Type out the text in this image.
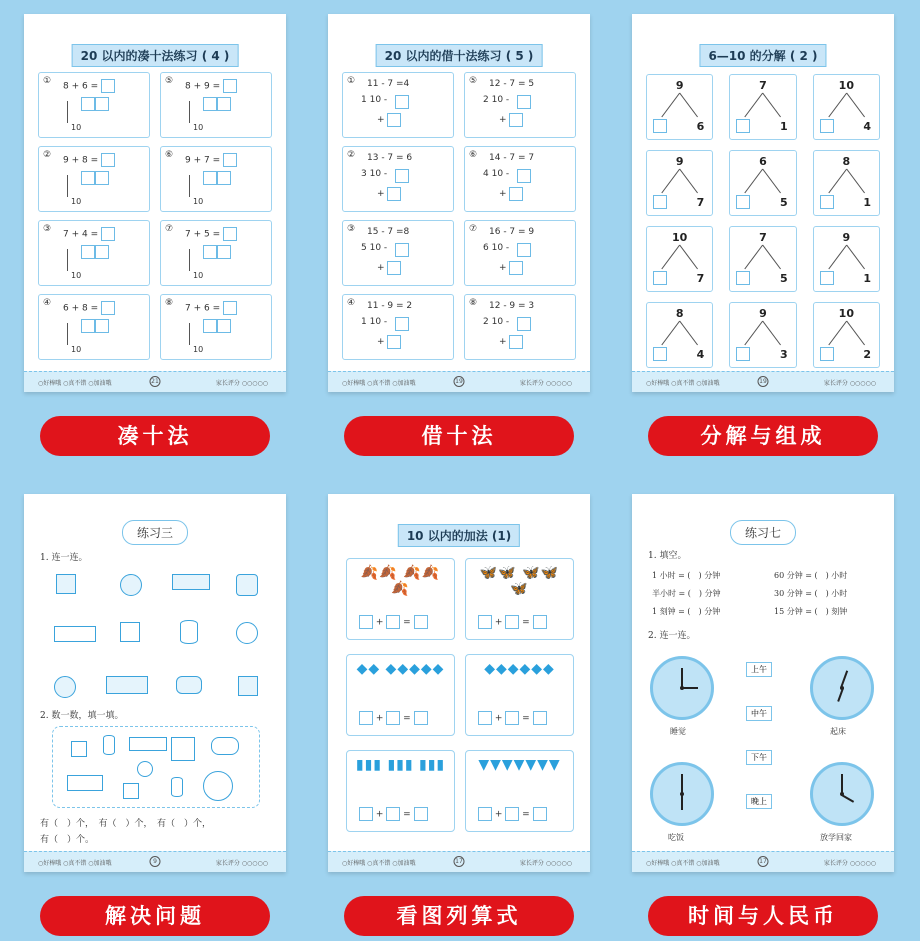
20 以内的凑十法练习 ( 4 )
①
8 + 6 =
10
⑤
8 + 9 =
10
②
9 + 8 =
10
⑥
9 + 7 =
10
③
7 + 4 =
10
⑦
7 + 5 =
10
④
6 + 8 =
10
⑧
7 + 6 =
10
○好棒哦 ○真不错 ○加油哦	21	家长评分 ○○○○○
20 以内的借十法练习 ( 5 )
① 11 - 7 =4
1 10 -
+
⑤ 12 - 7 = 5
2 10 -
+
② 13 - 7 = 6
3 10 -
+
⑥ 14 - 7 = 7
4 10 -
+
③ 15 - 7 =8
5 10 -
+
⑦ 16 - 7 = 9
6 10 -
+
④ 11 - 9 = 2
1 10 -
+
⑧ 12 - 9 = 3
2 10 -
+
○好棒哦 ○真不错 ○加油哦	19	家长评分 ○○○○○
6—10 的分解 ( 2 )
9
6
7
1
10
4
9
7
6
5
8
1
10
7
7
5
9
1
8
4
9
3
10
2
○好棒哦 ○真不错 ○加油哦	19	家长评分 ○○○○○
练习三
1. 连一连。
2. 数一数，填一填。
有（　）个，　有（　）个，　有（　）个，
有（　）个。
○好棒哦 ○真不错 ○加油哦	9	家长评分 ○○○○○
10 以内的加法 (1)
🍂🍂 🍂🍂🍂
+ =
🦋🦋 🦋🦋🦋
+ =
◆◆ ◆◆◆◆◆
+ =
◆◆◆◆◆◆
+ =
▮▮▮ ▮▮▮ ▮▮▮
+ =
▼▼▼▼▼▼▼
+ =
○好棒哦 ○真不错 ○加油哦	17	家长评分 ○○○○○
练习七
1. 填空。
1 小时 = (　) 分钟	60 分钟 = (　) 小时
半小时 = (　) 分钟	30 分钟 = (　) 小时
1 刻钟 = (　) 分钟	15 分钟 = (　) 刻钟
2. 连一连。
睡觉	起床
吃饭	放学回家
上午
中午
下午
晚上
○好棒哦 ○真不错 ○加油哦	17	家长评分 ○○○○○
凑十法	借十法	分解与组成
解决问题	看图列算式	时间与人民币
